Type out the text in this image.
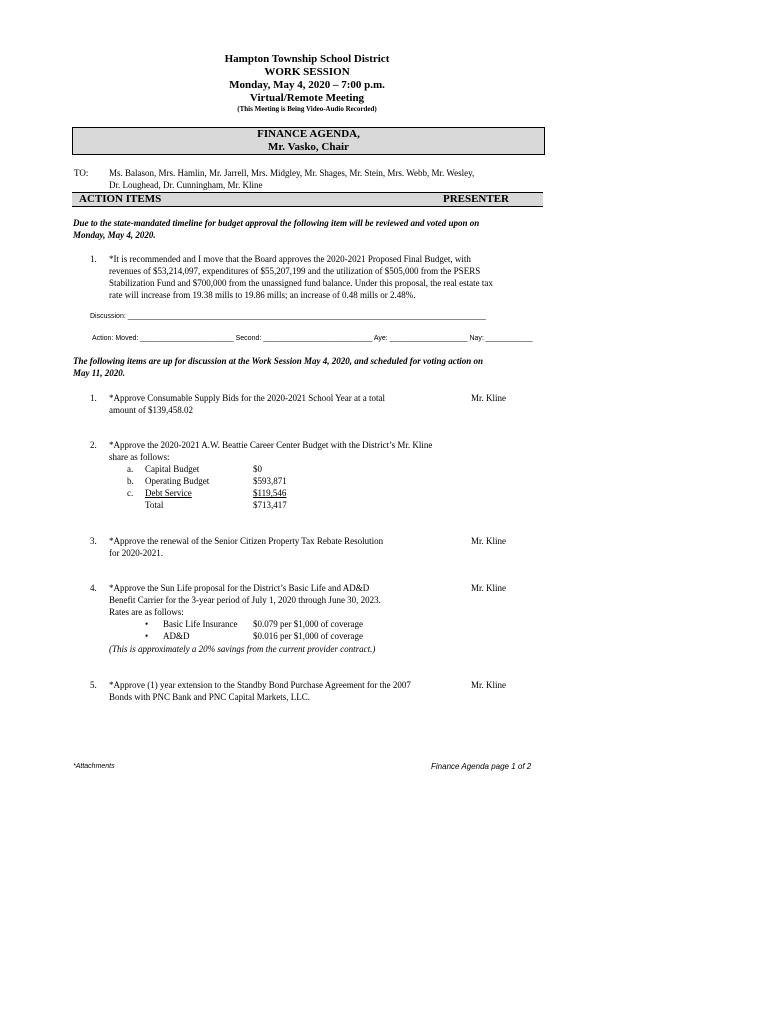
Hampton Township School District
WORK SESSION
Monday, May 4, 2020 – 7:00 p.m.
Virtual/Remote Meeting
(This Meeting is Being Video-Audio Recorded)
FINANCE AGENDA,
Mr. Vasko, Chair
TO: Ms. Balason, Mrs. Hamlin, Mr. Jarrell, Mrs. Midgley, Mr. Shages, Mr. Stein, Mrs. Webb, Mr. Wesley,
Dr. Loughead, Dr. Cunningham, Mr. Kline
ACTION ITEMS	PRESENTER
Due to the state-mandated timeline for budget approval the following item will be reviewed and voted upon on
Monday, May 4, 2020.
1. *It is recommended and I move that the Board approves the 2020-2021 Proposed Final Budget, with
revenues of $53,214,097, expenditures of $55,207,199 and the utilization of $505,000 from the PSERS
Stabilization Fund and $700,000 from the unassigned fund balance. Under this proposal, the real estate tax
rate will increase from 19.38 mills to 19.86 mills; an increase of 0.48 mills or 2.48%.
Discussion: ____________________________________________________________________________________________
Action: Moved: ________________________ Second: ____________________________ Aye: ____________________ Nay: ____________
The following items are up for discussion at the Work Session May 4, 2020, and scheduled for voting action on
May 11, 2020.
1. *Approve Consumable Supply Bids for the 2020-2021 School Year at a total
amount of $139,458.02
Mr. Kline
2. *Approve the 2020-2021 A.W. Beattie Career Center Budget with the District’s Mr. Kline
share as follows:
a. Capital Budget	$0
b. Operating Budget	$593,871
c. Debt Service	$119,546
Total	$713,417
3. *Approve the renewal of the Senior Citizen Property Tax Rebate Resolution
for 2020-2021.
Mr. Kline
4. *Approve the Sun Life proposal for the District’s Basic Life and AD&D
Benefit Carrier for the 3-year period of July 1, 2020 through June 30, 2023.
Rates are as follows:
Mr. Kline
• Basic Life Insurance $0.079 per $1,000 of coverage
• AD&D	$0.016 per $1,000 of coverage
(This is approximately a 20% savings from the current provider contract.)
5. *Approve (1) year extension to the Standby Bond Purchase Agreement for the 2007
Bonds with PNC Bank and PNC Capital Markets, LLC.
Mr. Kline
*Attachments	Finance Agenda page 1 of 2
